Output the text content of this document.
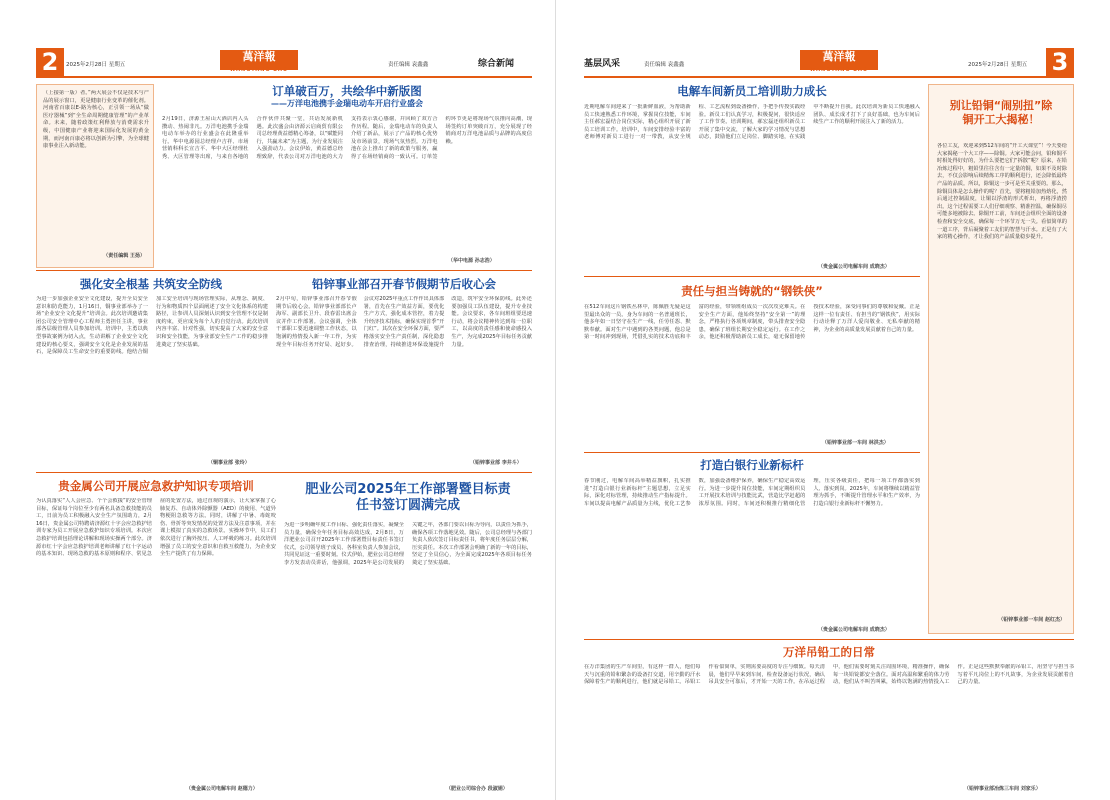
2	萬洋報
WANGYANG BAO
2025年2月28日 星期五	责任编辑 袁鑫鑫	综合新闻
（上接第一版）者。”两大展会不仅是技术与产品的展示窗口，更是健康行业变革的催化剂。河南省百康以E-路为核心，正引领一场从“做医疗器械”到“全生命周期健康管理”的产业革命。未来，随着政策红利释放与消费需求升级，中国健康产业将迎来国际化发展的黄金期，而河南百康必将以创新为引擎，为全球健康事业注入新动能。
（责任编辑 王扬）
订单破百万，共绘华中新版图
——万洋电池携手金瑞电动车开启行业盛会
2月19日，济源王屋山大酒店内人头攒动、热闹非凡。万洋电池携手金瑞电动车举办的行业盛会在此隆重举行。华中电源园总经理卢吉祥、市场营销科科长宣吉平、华中大区经理杜秀、大区管理等出席，与来自各地的合作伙伴共聚一堂，共话发展新机遇。此次盛会由济源云启商贸有限公司总经理黄益德精心筹备，以“赋能同行，共赢未来”为主题，为行业发展注入强劲动力。会议伊始，黄益德总经理致辞，代表公司对万洋电池的大力支持表示衷心感谢，并回顾了双方合作历程。随后，金瑞电动车的负责人介绍了新品，展示了产品的核心优势及市场前景，现场气氛热烈。万洋电池在会上推出了新的政策与服务，赢得了在场经销商的一致认可。订单签约环节更是将现场气氛推向高潮，现场签约订单突破百万，充分展现了经销商对万洋电池品质与品牌的高度信赖。
（华中电源 孙志浩）
强化安全根基 共筑安全防线
为进一步加强企业安全文化建设，提升全员安全意识和防范能力，1月16日，铜事业部举办了一场“企业安全文化提升”培训会。此次培训邀请集团公司安全管理中心工程师主勇担任主讲，事业部各层级管理人员参加培训。培训中，主勇以典型事故案例为切入点，生动讲解了企业安全文化建设的核心要义，强调安全文化是企业发展的基石，是保障员工生命安全的重要防线。他结合铜加工安全培训与现场管理实际，从理念、制度、行为和物质四个层面阐述了安全文化体系的构建路径，让参训人员深刻认识到安全管理不仅是制度约束，更应成为每个人的自觉行动。此次培训内容丰富、针对性强，切实提高了大家的安全意识和安全技能，为事业部安全生产工作的稳步推进奠定了坚实基础。
（铜事业部 张玲）
铅锌事业部召开春节假期节后收心会
2月中旬，铅锌事业部召开春节假期节后收心会。铅锌事业部部长卢海军、副部长卫升、段春雷出席会议并作工作部署。会议强调，全体干部职工要迅速调整工作状态，以饱满的热情投入新一年工作，为实现全年目标任务开好局、起好步。会议对2025年重点工作作出具体部署，首先在生产效益方面，要优化生产方式，强化成本管控，着力提升经济技术指标，确保实现首季“开门红”。其次在安全环保方面，要严格落实安全生产责任制，深化隐患排查治理，持续推进环保设施提升改造，筑牢安全环保防线。此外还要加强员工队伍建设，提升专业技能。会议要求，各车间班组要迅速行动，将会议精神传达到每一位职工，以高度的责任感和使命感投入生产，为完成2025年目标任务贡献力量。
（铅锌事业部 李井斗）
贵金属公司开展应急救护知识专项培训
为认真落实“人人会应急、个个会救援”的安全管理目标，保证每个岗位至少有两名具备急救技能的员工，日前为员工积极融入安全生产氛围助力，2月16日，贵金属公司特聘请济源红十字会应急救护培训专家为员工开展应急救护知识专项培训。本次应急救护培训包括理论讲解和现场实操两个部分。济源市红十字会应急救护培训老师讲解了红十字运动的基本知识、现场急救的基本原则和程序、常见急症的处置方法，通过直观的演示，让大家掌握了心肺复苏、自动体外除颤器（AED）的使用、气道异物梗阻急救等方法。同时，讲解了中暑、毒蛇咬伤、骨折等突发情况的处置方法及注意事项，并在课上模拟了真实的急救场景。实操环节中，员工们依次进行了胸外按压、人工呼吸的练习。此次培训增强了员工的安全意识和自救互救能力，为企业安全生产提供了有力保障。
（贵金属公司电解车间 赵德力）
肥业公司2025年工作部署暨目标责任书签订圆满完成
为进一步明确年度工作目标、强化责任落实，凝聚全员力量，确保全年任务目标高效达成，2月8日，万洋肥业公司召开2025年工作部署暨目标责任书签订仪式。公司领导班子成员、各科室负责人参加会议，共同见证这一重要时刻。仪式伊始，肥业公司总经理李方发表动员讲话，他强调，2025年是公司发展的关键之年，各部门要以目标为导向，以责任为抓手，确保各项工作落地见效。随后，公司总经理与各部门负责人依次签订目标责任书，将年度任务层层分解，压实责任。本次工作部署会明确了新的一年的目标，坚定了全员信心，为全面完成2025年各项目标任务奠定了坚实基础。
（肥业公司综合办 段淑娟）
基层风采	责任编辑 袁鑫鑫
萬洋報
WANGYANG BAO
2025年2月28日 星期五 3
电解车间新员工培训助力成长
近期电解车间迎来了一批新鲜血液，为帮助新员工快速熟悉工作环境，掌握岗位技能，车间主任郝宏磊结合岗位实际，精心组织开展了新员工培训工作。培训中，车间安排经验丰富的老师傅对新员工进行一对一带教，从安全规程、工艺流程到设备操作，手把手传授实践经验。新员工们认真学习，积极提问，很快适应了工作节奏。培训期间，郝宏磊还组织新员工开展了集中交流，了解大家的学习情况与思想动态，鼓励他们立足岗位、脚踏实地，在实践中不断提升自我。此次培训为新员工快速融入团队、成长成才打下了良好基础，也为车间后续生产工作的顺利开展注入了新的活力。
（贵金属公司电解车间 成晓杰）
责任与担当铸就的“钢铁侠”
在512车间这片钢铁丛林中，陈佩胜无疑是这里最出众的一员。身为车间的一名普通班长，他多年如一日坚守在生产一线，任劳任怨、默默奉献。面对生产中遇到的各类问题，他总是第一时间冲到现场，凭借扎实的技术功底和丰富的经验，带领班组成员一次次攻克难关。在安全生产方面，他始终坚持“安全第一”的理念，严格执行各项规章制度，带头排查安全隐患，确保了班组长期安全稳定运行。在工作之余，他还积极帮助新员工成长，毫无保留地传授技术经验，深受同事们的尊敬和爱戴。正是这样一位有责任、有担当的“钢铁侠”，用实际行动诠释了万洋人爱岗敬业、无私奉献的精神，为企业的高质量发展贡献着自己的力量。
（铅锌事业部一车间 林洪杰）
打造白银行业新标杆
春节刚过，电解车间高举精益旗帜，扎实推进“打造白银行业新标杆”主题思想，立足实际，深化对标管理，持续推动生产指标提升。车间以提高电解产品质量为主线，优化工艺参数，加强设备维护保养，确保生产稳定高效运行。为进一步提升岗位技能，车间定期组织员工开展技术培训与技能比武，营造比学赶超的浓厚氛围。同时，车间还积极推行精细化管理，压实各级责任，把每一项工作都落实到人、落实到岗。2025年，车间将继续以精益管理为抓手，不断提升管理水平和生产效率，为打造白银行业新标杆不懈努力。
（贵金属公司电解车间 成晓杰）
万洋吊铅工的日常
在万洋集团的生产车间里，有这样一群人，他们每天与沉重的铅和繁杂的设备打交道，用辛勤的汗水保障着生产的顺利进行，他们就是吊铅工。吊铅工作看似简单，实则需要高度的专注与细致。每天清晨，他们早早来到车间，检查设备运行状况，确认吊具安全可靠后，才开始一天的工作。在吊运过程中，他们需要时刻关注周围环境，精准操作，确保每一块铅锭都安全落位。面对高温和繁重的体力劳动，他们从不叫苦叫累，始终以饱满的热情投入工作。正是这些默默奉献的吊铅工，用坚守与担当书写着平凡岗位上的不凡故事，为企业发展贡献着自己的力量。
（铅锌事业部冶炼三车间 刘家乐）
别让铅铜“闹别扭”除铜开工大揭秘！
各位工友，欢迎来到512车间的“开工大课堂”！今天要给大家揭秘一个大工序——除铜。大家可能会问，铅和铜平时相处得好好的，为什么要把它们“拆散”呢？原来，在铅冶炼过程中，粗铅里往往含有一定量的铜，如果不及时除去，不仅会影响后续精炼工序的顺利进行，还会降低最终产品的品质。所以，除铜这一步可是至关重要的。那么，除铜具体是怎么操作的呢？首先，要将粗铅加热熔化，然后通过控制温度，让铜以浮渣的形式析出，再将浮渣捞出。这个过程需要工人们仔细观察、精准控温，确保铜尽可能多地被除去。除铜开工前，车间还会组织全面的设备检查和安全交底，确保每一个环节万无一失。看似简单的一道工序，背后凝聚着工友们的智慧与汗水。正是有了大家的精心操作，才让我们的产品质量稳步提升。
（铅锌事业部一车间 赵红杰）
